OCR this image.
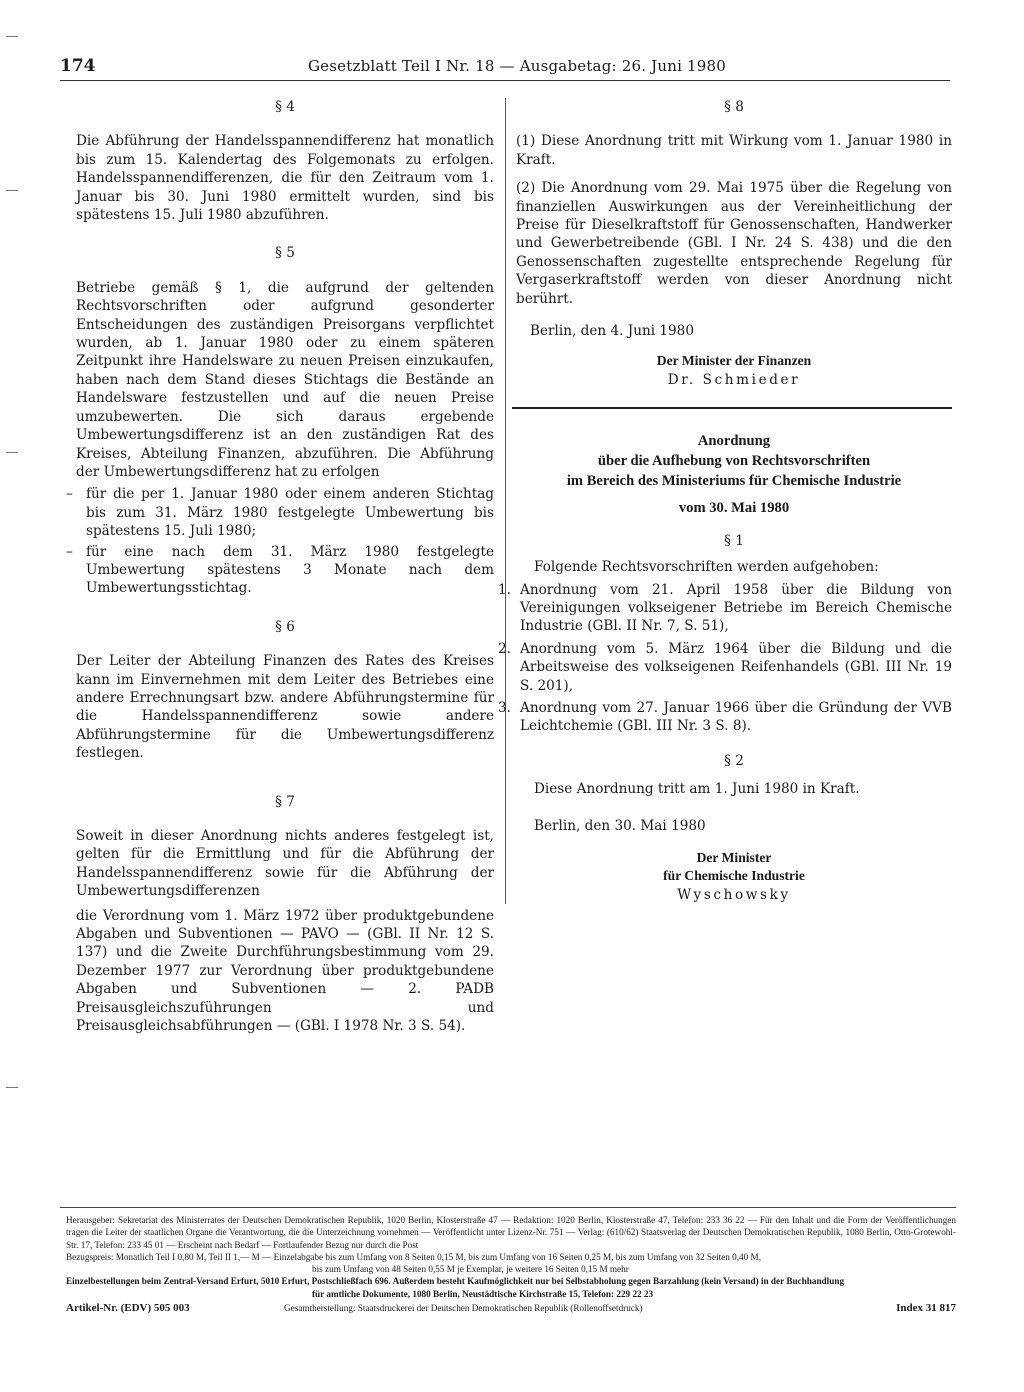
174	Gesetzblatt Teil I Nr. 18 — Ausgabetag: 26. Juni 1980
§ 4

Die Abführung der Handelsspannendifferenz hat monatlich bis zum 15. Kalendertag des Folgemonats zu erfolgen. Handelsspannendifferenzen, die für den Zeitraum vom 1. Januar bis 30. Juni 1980 ermittelt wurden, sind bis spätestens 15. Juli 1980 abzuführen.

§ 5

Betriebe gemäß § 1, die aufgrund der geltenden Rechtsvorschriften oder aufgrund gesonderter Entscheidungen des zuständigen Preisorgans verpflichtet wurden, ab 1. Januar 1980 oder zu einem späteren Zeitpunkt ihre Handelsware zu neuen Preisen einzukaufen, haben nach dem Stand dieses Stichtags die Bestände an Handelsware festzustellen und auf die neuen Preise umzubewerten. Die sich daraus ergebende Umbewertungsdifferenz ist an den zuständigen Rat des Kreises, Abteilung Finanzen, abzuführen. Die Abführung der Umbewertungsdifferenz hat zu erfolgen

– für die per 1. Januar 1980 oder einem anderen Stichtag bis zum 31. März 1980 festgelegte Umbewertung bis spätestens 15. Juli 1980;
– für eine nach dem 31. März 1980 festgelegte Umbewertung spätestens 3 Monate nach dem Umbewertungsstichtag.
§ 6

Der Leiter der Abteilung Finanzen des Rates des Kreises kann im Einvernehmen mit dem Leiter des Betriebes eine andere Errechnungsart bzw. andere Abführungstermine für die Handelsspannendifferenz sowie andere Abführungstermine für die Umbewertungsdifferenz festlegen.

§ 7

Soweit in dieser Anordnung nichts anderes festgelegt ist, gelten für die Ermittlung und für die Abführung der Handelsspannendifferenz sowie für die Abführung der Umbewertungsdifferenzen

die Verordnung vom 1. März 1972 über produktgebundene Abgaben und Subventionen — PAVO — (GBl. II Nr. 12 S. 137) und die Zweite Durchführungsbestimmung vom 29. Dezember 1977 zur Verordnung über produktgebundene Abgaben und Subventionen — 2. PADB Preisausgleichszuführungen und Preisausgleichsabführungen — (GBl. I 1978 Nr. 3 S. 54).

§ 8

(1) Diese Anordnung tritt mit Wirkung vom 1. Januar 1980 in Kraft.

(2) Die Anordnung vom 29. Mai 1975 über die Regelung von finanziellen Auswirkungen aus der Vereinheitlichung der Preise für Dieselkraftstoff für Genossenschaften, Handwerker und Gewerbetreibende (GBl. I Nr. 24 S. 438) und die den Genossenschaften zugestellte entsprechende Regelung für Vergaserkraftstoff werden von dieser Anordnung nicht berührt.

Berlin, den 4. Juni 1980

Der Minister der Finanzen
Dr. Schmieder
Anordnung
über die Aufhebung von Rechtsvorschriften
im Bereich des Ministeriums für Chemische Industrie
vom 30. Mai 1980
§ 1

Folgende Rechtsvorschriften werden aufgehoben:

1. Anordnung vom 21. April 1958 über die Bildung von Vereinigungen volkseigener Betriebe im Bereich Chemische Industrie (GBl. II Nr. 7, S. 51),
2. Anordnung vom 5. März 1964 über die Bildung und die Arbeitsweise des volkseigenen Reifenhandels (GBl. III Nr. 19 S. 201),
3. Anordnung vom 27. Januar 1966 über die Gründung der VVB Leichtchemie (GBl. III Nr. 3 S. 8).
§ 2

Diese Anordnung tritt am 1. Juni 1980 in Kraft.

Berlin, den 30. Mai 1980

Der Minister
für Chemische Industrie
Wyschowsky

Herausgeber: Sekretariat des Ministerrates der Deutschen Demokratischen Republik, 1020 Berlin, Klosterstraße 47 — Redaktion: 1020 Berlin, Klosterstraße 47, Telefon: 233 36 22 — Für den Inhalt und die Form der Veröffentlichungen tragen die Leiter der staatlichen Organe die Verantwortung, die die Unterzeichnung vornehmen — Veröffentlicht unter Lizenz-Nr. 751 — Verlag: (610/62) Staatsverlag der Deutschen Demokratischen Republik, 1080 Berlin, Otto-Grotewohl-Str. 17, Telefon: 233 45 01 — Erscheint nach Bedarf — Fortlaufender Bezug nur durch die Post

Bezugspreis: Monatlich Teil I 0,80 M, Teil II 1,— M — Einzelabgabe bis zum Umfang von 8 Seiten 0,15 M, bis zum Umfang von 16 Seiten 0,25 M, bis zum Umfang von 32 Seiten 0,40 M,

bis zum Umfang von 48 Seiten 0,55 M je Exemplar, je weitere 16 Seiten 0,15 M mehr

Einzelbestellungen beim Zentral-Versand Erfurt, 5010 Erfurt, Postschließfach 696. Außerdem besteht Kaufmöglichkeit nur bei Selbstabholung gegen Barzahlung (kein Versand) in der Buchhandlung

für amtliche Dokumente, 1080 Berlin, Neustädtische Kirchstraße 15, Telefon: 229 22 23

Artikel-Nr. (EDV) 505 003	Gesamtherstellung: Staatsdruckerei der Deutschen Demokratischen Republik (Rollenoffsetdruck)	Index 31 817
